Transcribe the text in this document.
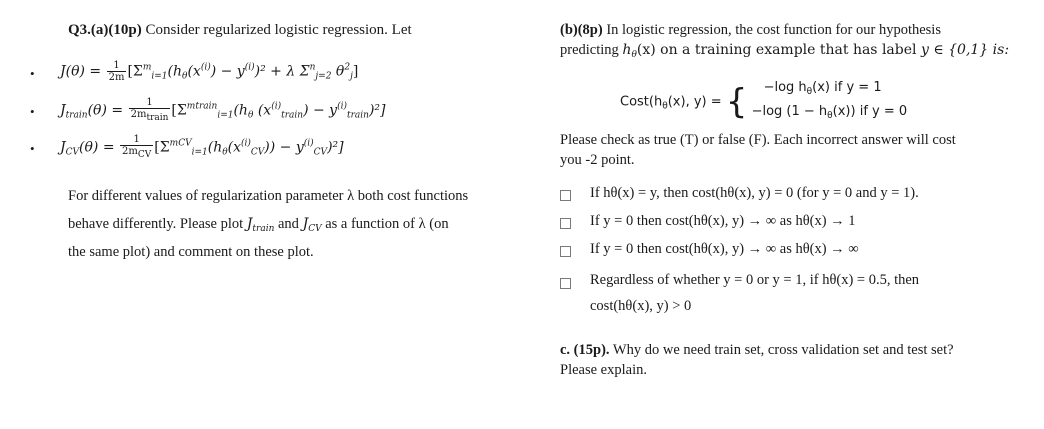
Q3.(a)(10p) Consider regularized logistic regression. Let
• $J(\theta) = \frac{1}{2m} [\Sigma^m_{i=1}(h_\theta(x^{(i)}) - y^{(i)})^2 + \lambda$ $\Sigma^n_{j=2}$ $\theta^2_j$]
• $J_{train}(\theta) = \frac{1}{\text{2mtrain}} [\Sigma^{mtrain}_{i=1}(h_\theta$ $(x^{(i)}_{train}) - y^{(i)}_{train})^2$]
• $J_{CV}(\theta) = \frac{1}{\text{2mCV}} [\Sigma^{mCV}_{i=1}(h_\theta(x^{(i)}_{CV})) - y^{(i)}_{CV})^2$]
For different values of regularization parameter λ both cost functions
behave differently. Please plot $J_{train}$ and $J_{CV}$ as a function of λ (on
the same plot) and comment on these plot.
(b)(8p) In logistic regression, the cost function for our hypothesis
predicting $h_\theta(x)$ on a training example that has label y ∈ {0,1} is:
$Cost(h_\theta(x)$, y) = {	−log $h_\theta(x)$ if y = 1
−log $(1 - h_\theta(x))$ if y = 0
Please check as true (T) or false (F). Each incorrect answer will cost
you -2 point.
If hθ(x) = y, then cost(hθ(x), y) = 0 (for y = 0 and y = 1).
If y = 0 then cost(hθ(x), y) → ∞ as hθ(x) → 1
If y = 0 then cost(hθ(x), y) → ∞ as hθ(x) → ∞
Regardless of whether y = 0 or y = 1, if hθ(x) = 0.5, then
cost(hθ(x), y) > 0
c. (15p). Why do we need train set, cross validation set and test set?
Please explain.
